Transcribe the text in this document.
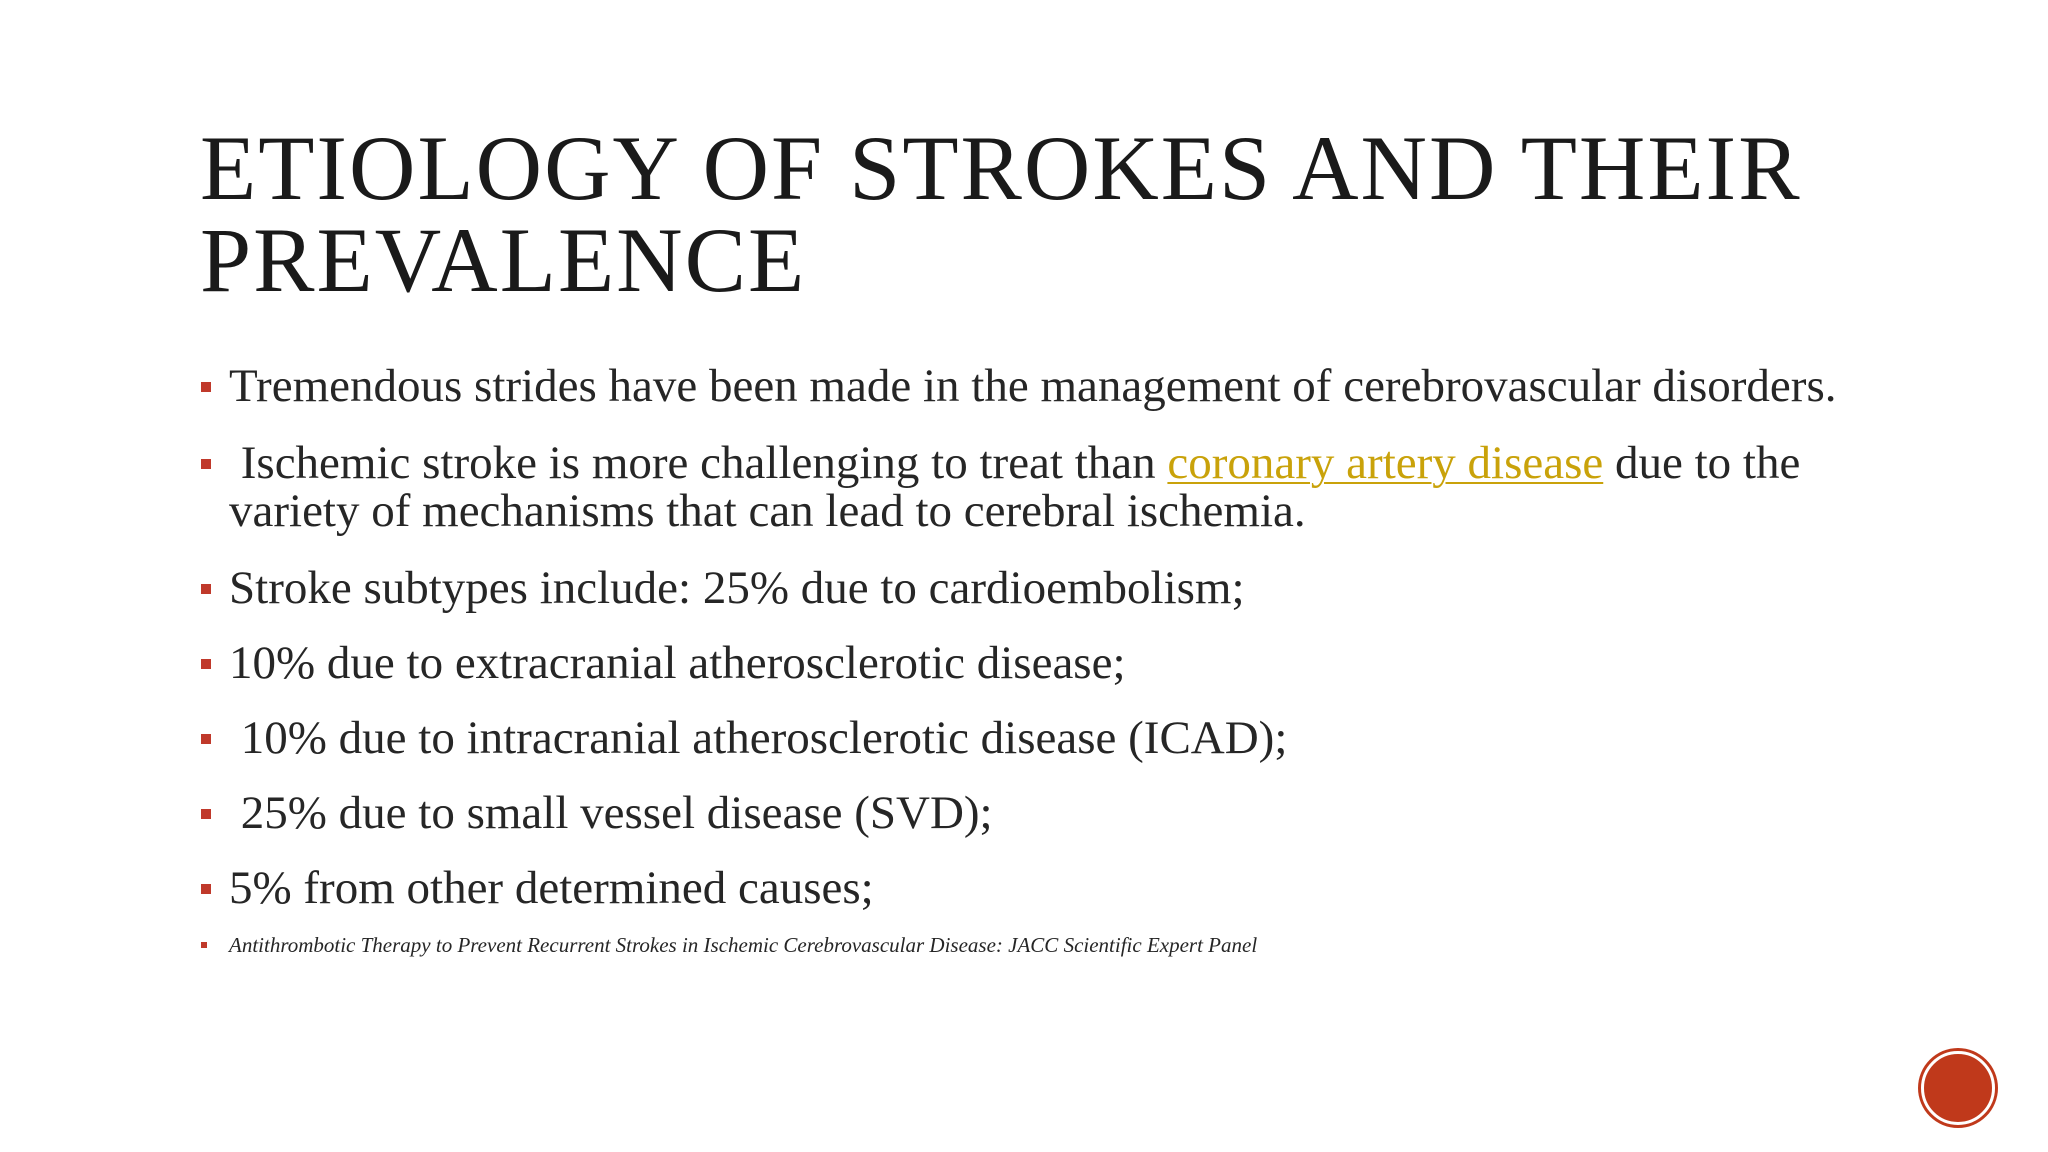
ETIOLOGY OF STROKES AND THEIR
PREVALENCE
Tremendous strides have been made in the management of cerebrovascular disorders.
Ischemic stroke is more challenging to treat than coronary artery disease due to the variety of mechanisms that can lead to cerebral ischemia.
Stroke subtypes include: 25% due to cardioembolism;
10% due to extracranial atherosclerotic disease;
10% due to intracranial atherosclerotic disease (ICAD);
25% due to small vessel disease (SVD);
5% from other determined causes;
Antithrombotic Therapy to Prevent Recurrent Strokes in Ischemic Cerebrovascular Disease: JACC Scientific Expert Panel
